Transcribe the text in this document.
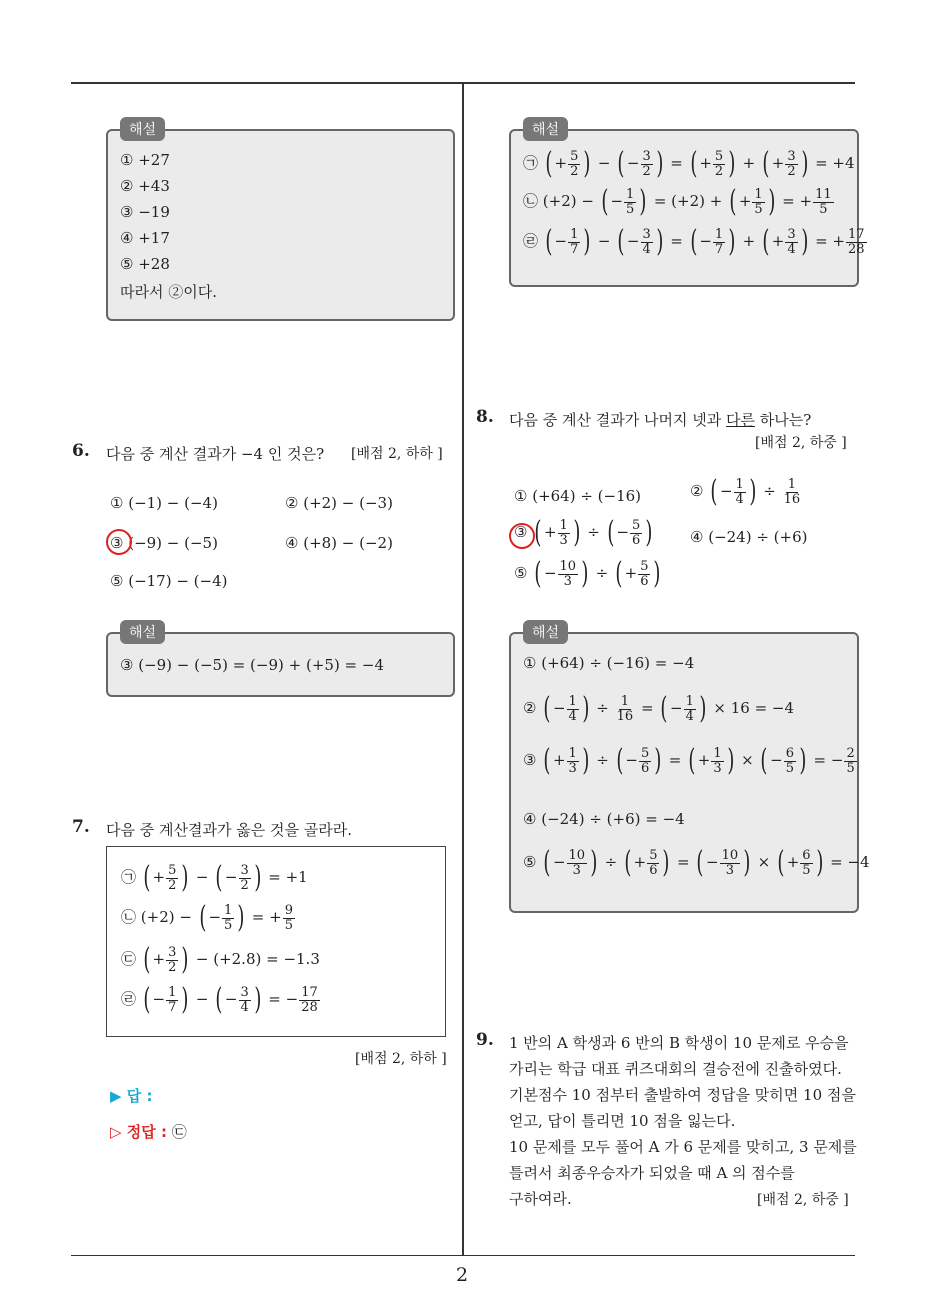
2
해설
① +27
② +43
③ −19
④ +17
⑤ +28
따라서 ②이다.
6. 다음 중 계산 결과가 −4 인 것은? [배점 2, 하하 ]
① (−1) − (−4)	② (+2) − (−3)
③ (−9) − (−5)	④ (+8) − (−2)
⑤ (−17) − (−4)
해설
③ (−9) − (−5) = (−9) + (+5) = −4
7. 다음 중 계산결과가 옳은 것을 골라라.
㉠ ( + $\frac{5}{2}$ ) − ( − $\frac{3}{2}$ ) = +1
㉡ (+2) − ( − $\frac{1}{5}$ ) = + $\frac{9}{5}$
㉢ ( + $\frac{3}{2}$ ) − (+2.8) = −1.3
㉣ ( − $\frac{1}{7}$ ) − ( − $\frac{3}{4}$ ) = − $\frac{17}{28}$
[배점 2, 하하 ]
▶ 답 :
▷ 정답 : ㉢
해설
㉠ ( + $\frac{5}{2}$ ) − ( − $\frac{3}{2}$ ) = ( + $\frac{5}{2}$ ) + ( + $\frac{3}{2}$ ) = +4
㉡ (+2) − ( − $\frac{1}{5}$ ) = (+2) + ( + $\frac{1}{5}$ ) = + $\frac{11}{5}$
㉣ ( − $\frac{1}{7}$ ) − ( − $\frac{3}{4}$ ) = ( − $\frac{1}{7}$ ) + ( + $\frac{3}{4}$ ) = + $\frac{17}{28}$
8. 다음 중 계산 결과가 나머지 넷과 다른 하나는?
[배점 2, 하중 ]
① (+64) ÷ (−16)	② ( − $\frac{1}{4}$ ) ÷ $\frac{1}{16}$
③ ( + $\frac{1}{3}$ ) ÷ ( − $\frac{5}{6}$ ) ④ (−24) ÷ (+6)
⑤ ( − $\frac{10}{3}$ ) ÷ ( + $\frac{5}{6}$ )
해설
① (+64) ÷ (−16) = −4
② ( − $\frac{1}{4}$ ) ÷ $\frac{1}{16}$ = ( − $\frac{1}{4}$ ) × 16 = −4
③ ( + $\frac{1}{3}$ ) ÷ ( − $\frac{5}{6}$ ) = ( + $\frac{1}{3}$ ) × ( − $\frac{6}{5}$ ) = − $\frac{2}{5}$
④ (−24) ÷ (+6) = −4
⑤ ( − $\frac{10}{3}$ ) ÷ ( + $\frac{5}{6}$ ) = ( − $\frac{10}{3}$ ) × ( + $\frac{6}{5}$ ) = −4
9. 1 반의 A 학생과 6 반의 B 학생이 10 문제로 우승을
가리는 학급 대표 퀴즈대회의 결승전에 진출하였다.
기본점수 10 점부터 출발하여 정답을 맞히면 10 점을
얻고, 답이 틀리면 10 점을 잃는다.
10 문제를 모두 풀어 A 가 6 문제를 맞히고, 3 문제를
틀려서 최종우승자가 되었을 때 A 의 점수를
구하여라.	[배점 2, 하중 ]
